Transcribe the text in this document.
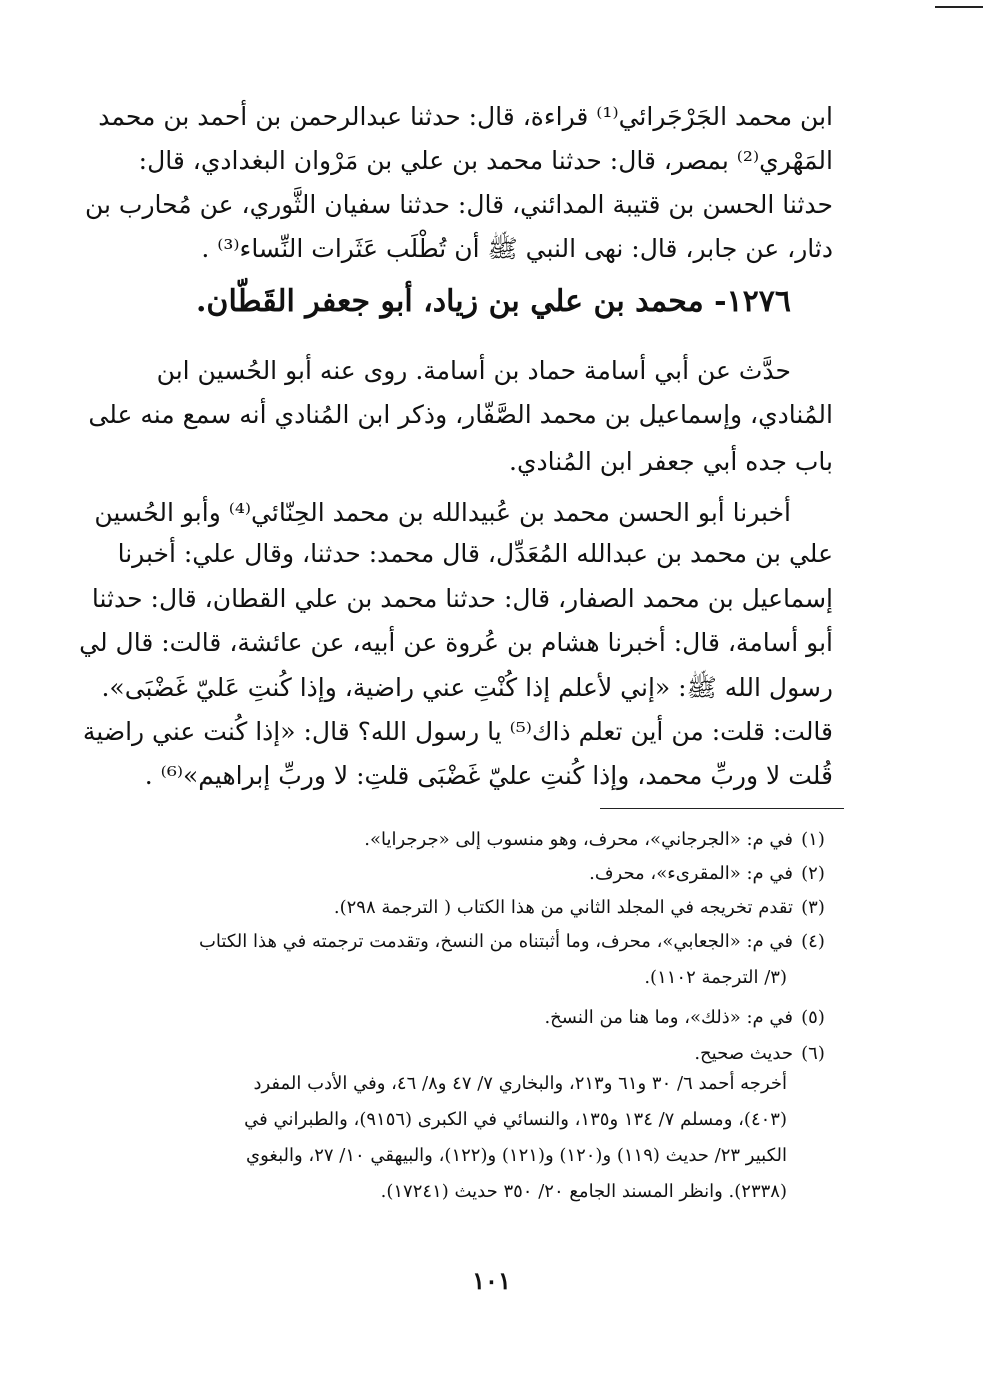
ابن محمد الجَرْجَرائي⁽¹⁾ قراءة، قال: حدثنا عبدالرحمن بن أحمد بن محمد
المَهْري⁽²⁾ بمصر، قال: حدثنا محمد بن علي بن مَرْوان البغدادي، قال:
حدثنا الحسن بن قتيبة المدائني، قال: حدثنا سفيان الثَّوري، عن مُحارب بن
دثار، عن جابر، قال: نهى النبي ﷺ أن تُطْلَب عَثَرات النِّساء⁽³⁾ .
١٢٧٦- محمد بن علي بن زياد، أبو جعفر القَطّان.
حدَّث عن أبي أسامة حماد بن أسامة. روى عنه أبو الحُسين ابن
المُنادي، وإسماعيل بن محمد الصَّفّار، وذكر ابن المُنادي أنه سمع منه على
باب جده أبي جعفر ابن المُنادي.
أخبرنا أبو الحسن محمد بن عُبيدالله بن محمد الحِنّائي⁽⁴⁾ وأبو الحُسين
علي بن محمد بن عبدالله المُعَدِّل، قال محمد: حدثنا، وقال علي: أخبرنا
إسماعيل بن محمد الصفار، قال: حدثنا محمد بن علي القطان، قال: حدثنا
أبو أسامة، قال: أخبرنا هشام بن عُروة عن أبيه، عن عائشة، قالت: قال لي
رسول الله ﷺ: «إني لأعلم إذا كُنْتِ عني راضية، وإذا كُنتِ عَليّ غَضْبَى».
قالت: قلت: من أين تعلم ذاك⁽⁵⁾ يا رسول الله؟ قال: «إذا كُنت عني راضية
قُلت لا وربِّ محمد، وإذا كُنتِ عليّ غَضْبَى قلتِ: لا وربِّ إبراهيم»⁽⁶⁾ .
(١)في م: «الجرجاني»، محرف، وهو منسوب إلى «جرجرايا».
(٢)في م: «المقرىء»، محرف.
(٣)تقدم تخريجه في المجلد الثاني من هذا الكتاب ( الترجمة ٢٩٨).
(٤)في م: «الجعابي»، محرف، وما أثبتناه من النسخ، وتقدمت ترجمته في هذا الكتاب
(٣/ الترجمة ١١٠٢).
(٥)في م: «ذلك»، وما هنا من النسخ.
(٦)حديث صحيح.
أخرجه أحمد ٦/ ٣٠ و٦١ و٢١٣، والبخاري ٧/ ٤٧ و٨/ ٤٦، وفي الأدب المفرد
(٤٠٣)، ومسلم ٧/ ١٣٤ و١٣٥، والنسائي في الكبرى (٩١٥٦)، والطبراني في
الكبير ٢٣/ حديث (١١٩) و(١٢٠) و(١٢١) و(١٢٢)، والبيهقي ١٠/ ٢٧، والبغوي
(٢٣٣٨). وانظر المسند الجامع ٢٠/ ٣٥٠ حديث (١٧٢٤١).
١٠١
